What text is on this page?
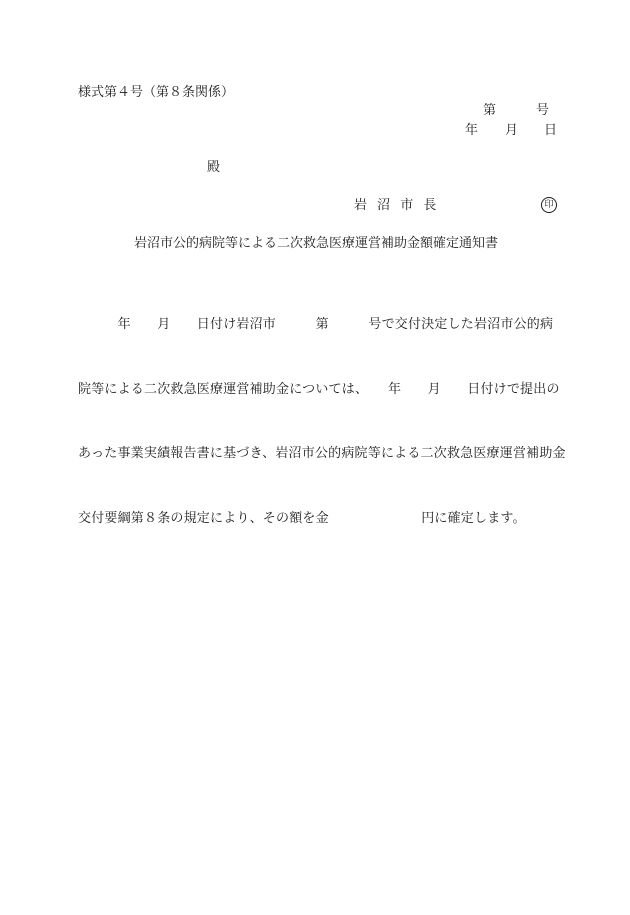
様式第４号（第８条関係）
第	号
年 月 日
殿
岩 沼 市 長	印
岩沼市公的病院等による二次救急医療運営補助金額確定通知書

　　　年　　月　　日付け岩沼市　　　第　　　号で交付決定した岩沼市公的病

院等による二次救急医療運営補助金については、　　年　　月　　日付けで提出の

あった事業実績報告書に基づき、岩沼市公的病院等による二次救急医療運営補助金

交付要綱第８条の規定により、その額を金　　　　　　　円に確定します。
